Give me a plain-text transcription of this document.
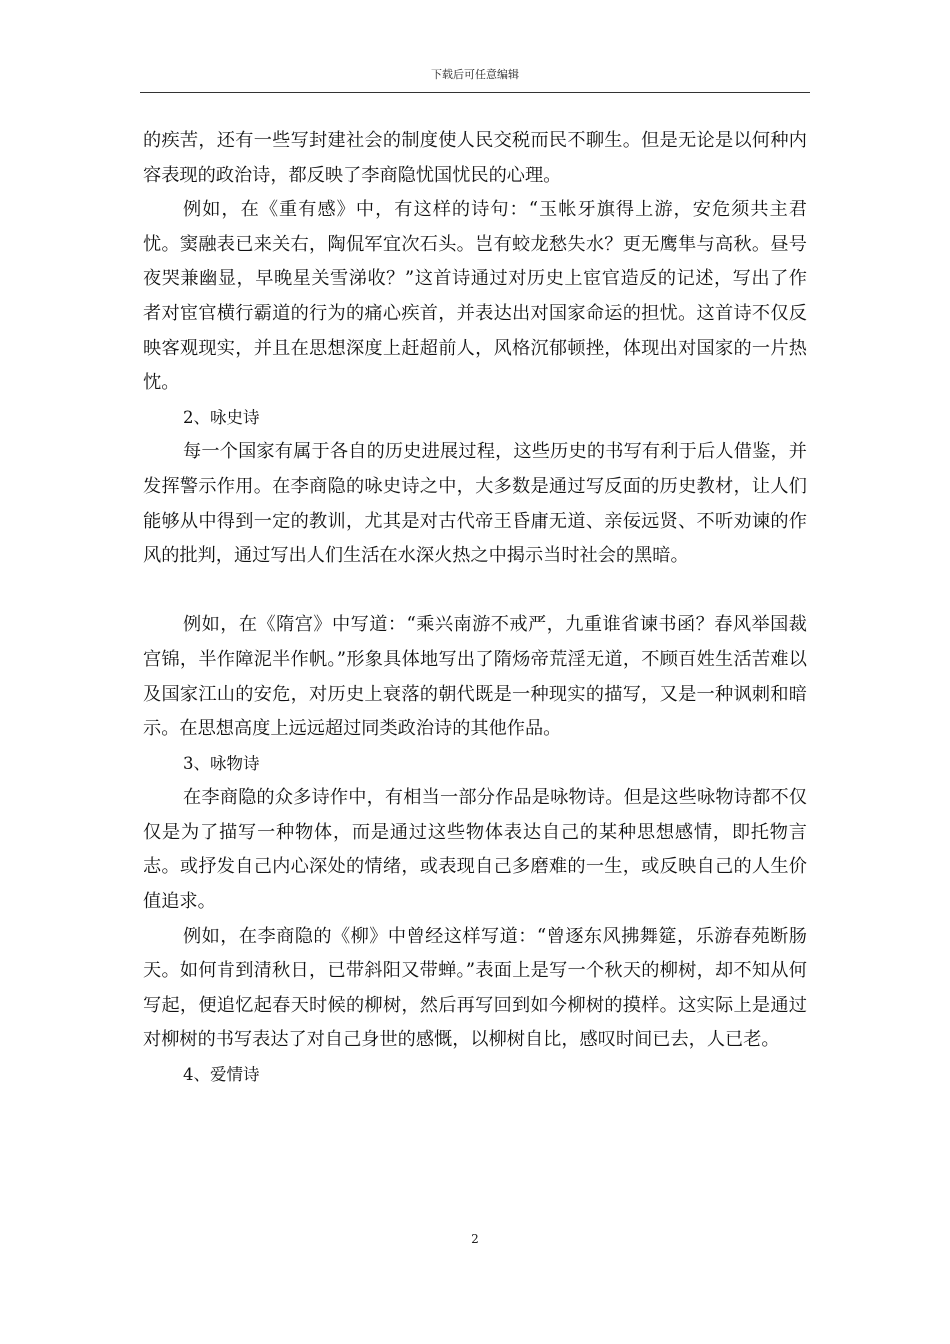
下载后可任意编辑

的疾苦，还有一些写封建社会的制度使人民交税而民不聊生。但是无论是以何种内容表现的政治诗，都反映了李商隐忧国忧民的心理。

例如，在《重有感》中，有这样的诗句：“玉帐牙旗得上游，安危须共主君忧。窦融表已来关右，陶侃军宜次石头。岂有蛟龙愁失水？更无鹰隼与高秋。昼号夜哭兼幽显，早晚星关雪涕收？”这首诗通过对历史上宦官造反的记述，写出了作者对宦官横行霸道的行为的痛心疾首，并表达出对国家命运的担忧。这首诗不仅反映客观现实，并且在思想深度上赶超前人，风格沉郁顿挫，体现出对国家的一片热忱。

2、咏史诗

每一个国家有属于各自的历史进展过程，这些历史的书写有利于后人借鉴，并发挥警示作用。在李商隐的咏史诗之中，大多数是通过写反面的历史教材，让人们能够从中得到一定的教训，尤其是对古代帝王昏庸无道、亲佞远贤、不听劝谏的作风的批判，通过写出人们生活在水深火热之中揭示当时社会的黑暗。

例如，在《隋宫》中写道：“乘兴南游不戒严，九重谁省谏书函？春风举国裁宫锦，半作障泥半作帆。”形象具体地写出了隋炀帝荒淫无道，不顾百姓生活苦难以及国家江山的安危，对历史上衰落的朝代既是一种现实的描写，又是一种讽刺和暗示。在思想高度上远远超过同类政治诗的其他作品。

3、咏物诗

在李商隐的众多诗作中，有相当一部分作品是咏物诗。但是这些咏物诗都不仅仅是为了描写一种物体，而是通过这些物体表达自己的某种思想感情，即托物言志。或抒发自己内心深处的情绪，或表现自己多磨难的一生，或反映自己的人生价值追求。

例如，在李商隐的《柳》中曾经这样写道：“曾逐东风拂舞筵，乐游春苑断肠天。如何肯到清秋日，已带斜阳又带蝉。”表面上是写一个秋天的柳树，却不知从何写起，便追忆起春天时候的柳树，然后再写回到如今柳树的摸样。这实际上是通过对柳树的书写表达了对自己身世的感慨，以柳树自比，感叹时间已去，人已老。

4、爱情诗

2
